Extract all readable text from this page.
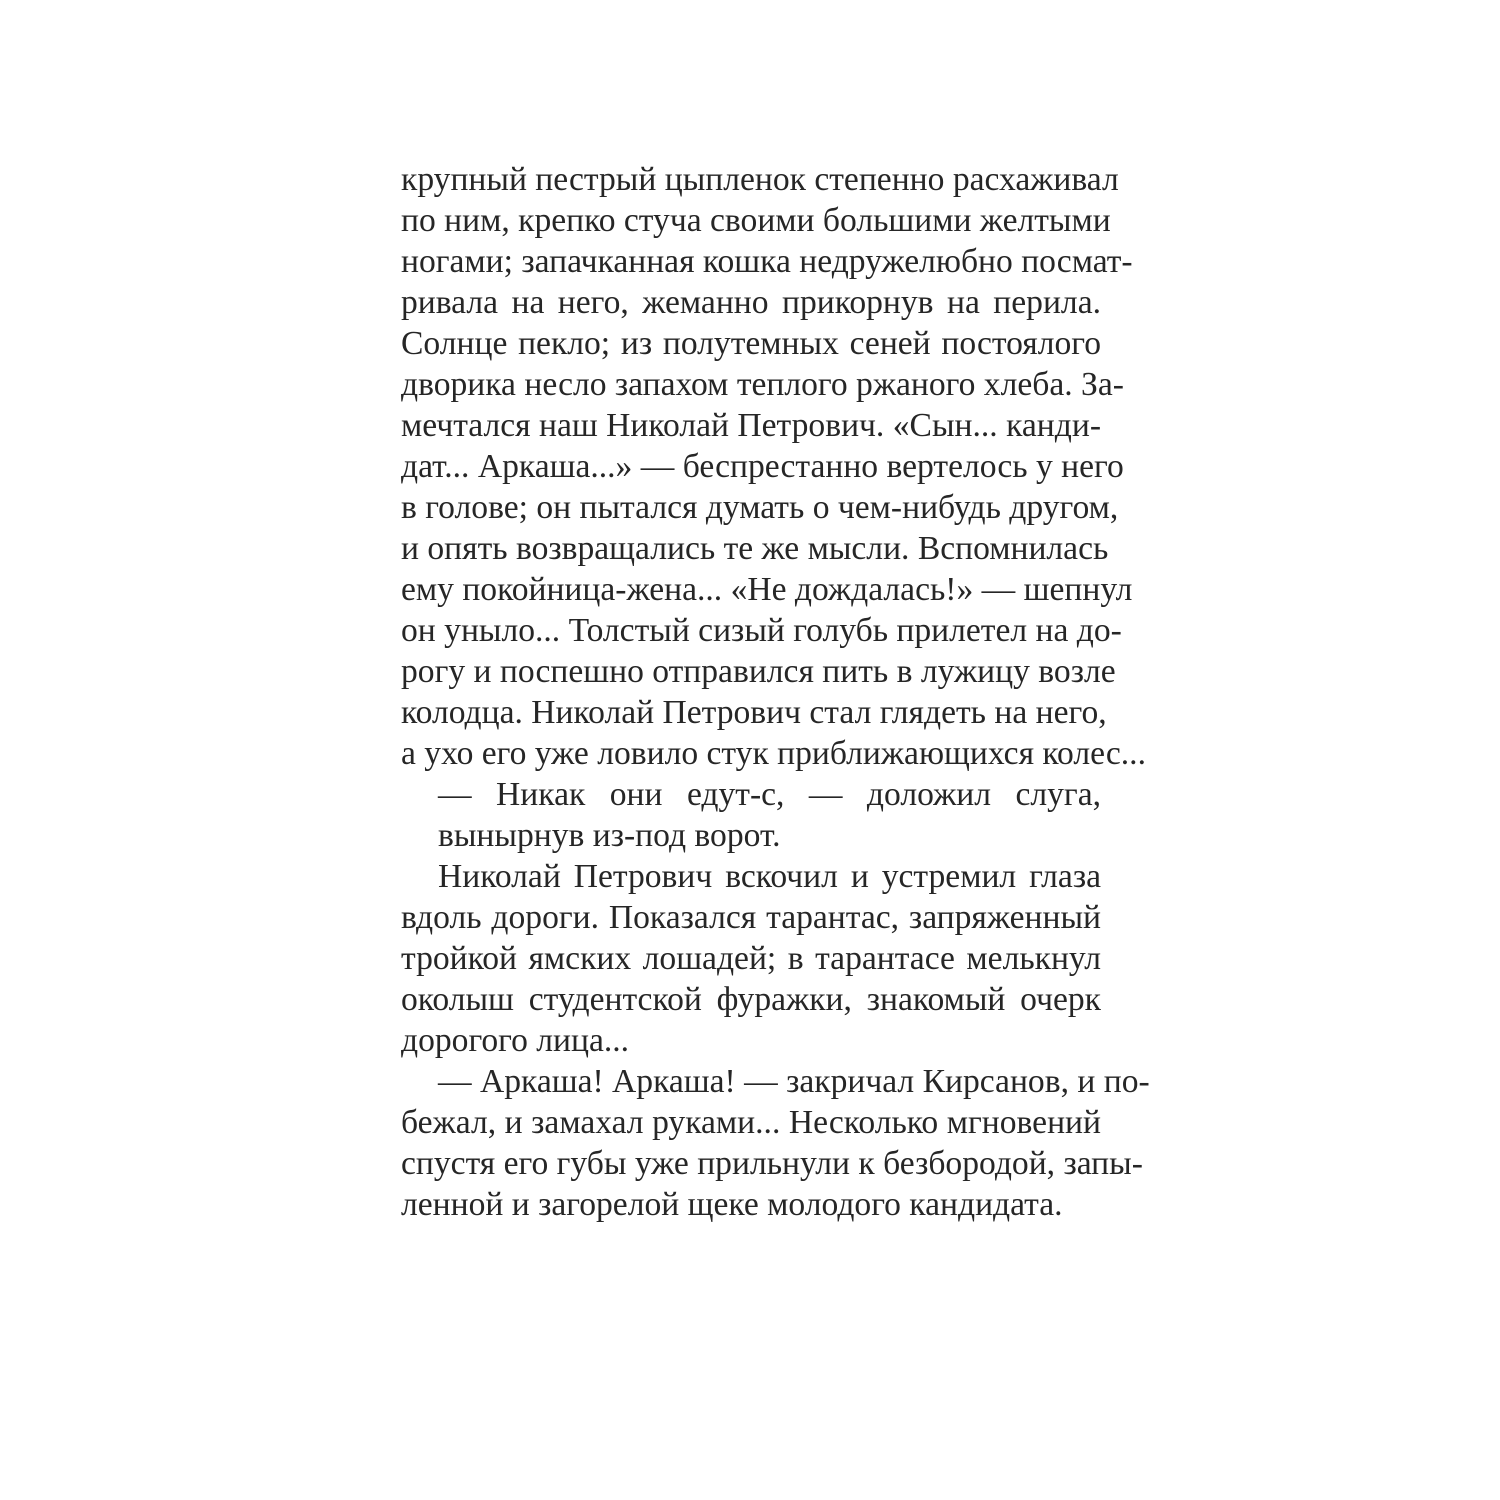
крупный пестрый цыпленок степенно расхаживал
по ним, крепко стуча своими большими желтыми
ногами; запачканная кошка недружелюбно посмат-
ривала на него, жеманно прикорнув на перила.
Солнце пекло; из полутемных сеней постоялого
дворика несло запахом теплого ржаного хлеба. За-
мечтался наш Николай Петрович. «Сын... канди-
дат... Аркаша...» — беспрестанно вертелось у него
в голове; он пытался думать о чем-нибудь другом,
и опять возвращались те же мысли. Вспомнилась
ему покойница-жена... «Не дождалась!» — шепнул
он уныло... Толстый сизый голубь прилетел на до-
рогу и поспешно отправился пить в лужицу возле
колодца. Николай Петрович стал глядеть на него,
а ухо его уже ловило стук приближающихся колес...
— Никак они едут-с, — доложил слуга, вынырнув из-под ворот.
Николай Петрович вскочил и устремил глаза
вдоль дороги. Показался тарантас, запряженный
тройкой ямских лошадей; в тарантасе мелькнул
околыш студентской фуражки, знакомый очерк
дорогого лица...
— Аркаша! Аркаша! — закричал Кирсанов, и по-
бежал, и замахал руками... Несколько мгновений
спустя его губы уже прильнули к безбородой, запы-
ленной и загорелой щеке молодого кандидата.
